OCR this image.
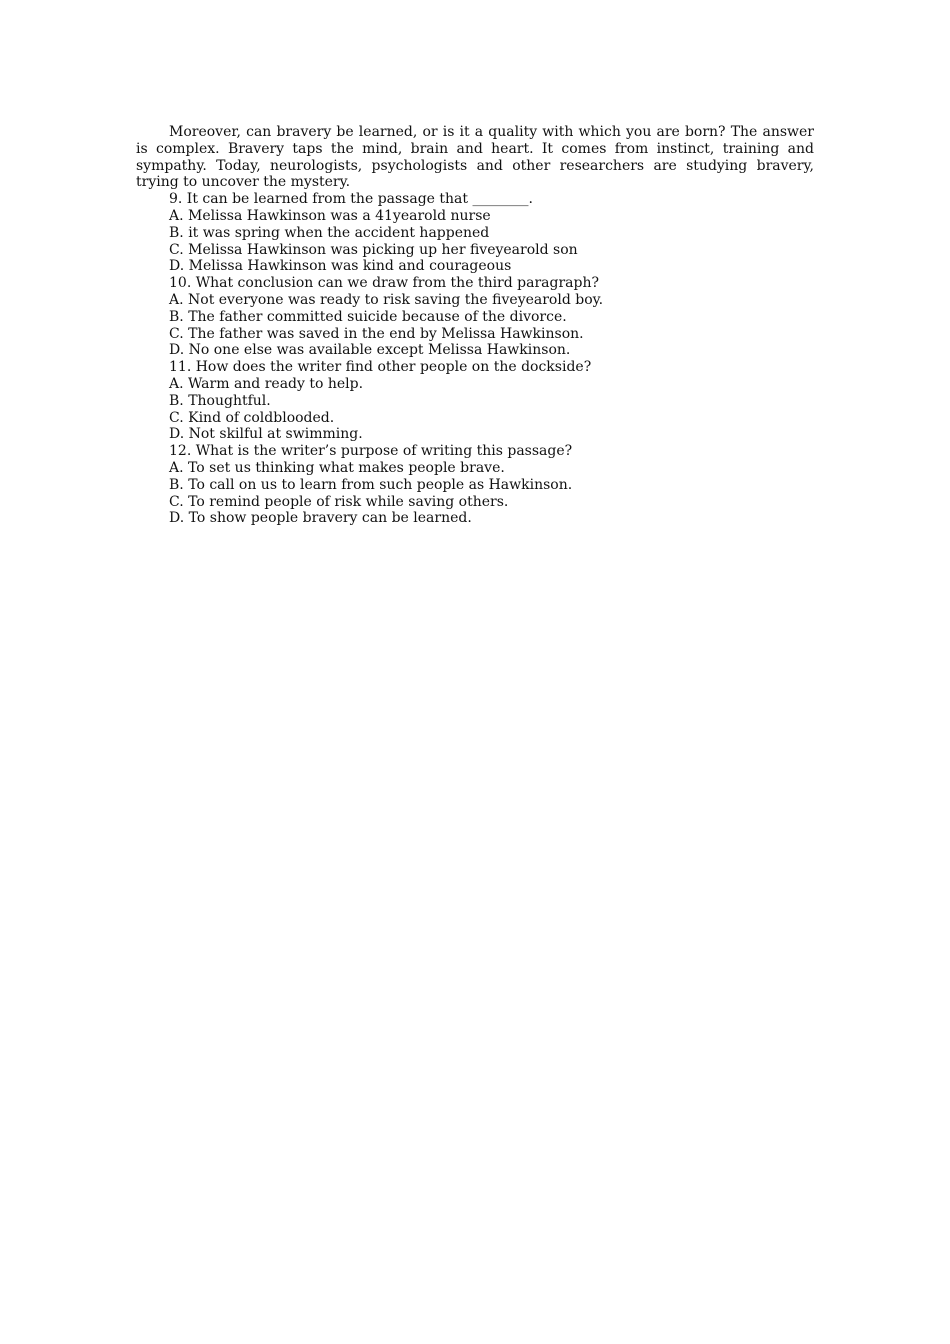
Moreover, can bravery be learned, or is it a quality with which you are born? The answer is complex. Bravery taps the mind, brain and heart. It comes from instinct, training and sympathy. Today, neurologists, psychologists and other researchers are studying bravery, trying to uncover the mystery.

9. It can be learned from the passage that ________.

A. Melissa Hawkinson was a 41yearold nurse

B. it was spring when the accident happened

C. Melissa Hawkinson was picking up her fiveyearold son

D. Melissa Hawkinson was kind and courageous

10. What conclusion can we draw from the third paragraph?

A. Not everyone was ready to risk saving the fiveyearold boy.

B. The father committed suicide because of the divorce.

C. The father was saved in the end by Melissa Hawkinson.

D. No one else was available except Melissa Hawkinson.

11. How does the writer find other people on the dockside?

A. Warm and ready to help.

B. Thoughtful.

C. Kind of coldblooded.

D. Not skilful at swimming.

12. What is the writer’s purpose of writing this passage?

A. To set us thinking what makes people brave.

B. To call on us to learn from such people as Hawkinson.

C. To remind people of risk while saving others.

D. To show people bravery can be learned.
